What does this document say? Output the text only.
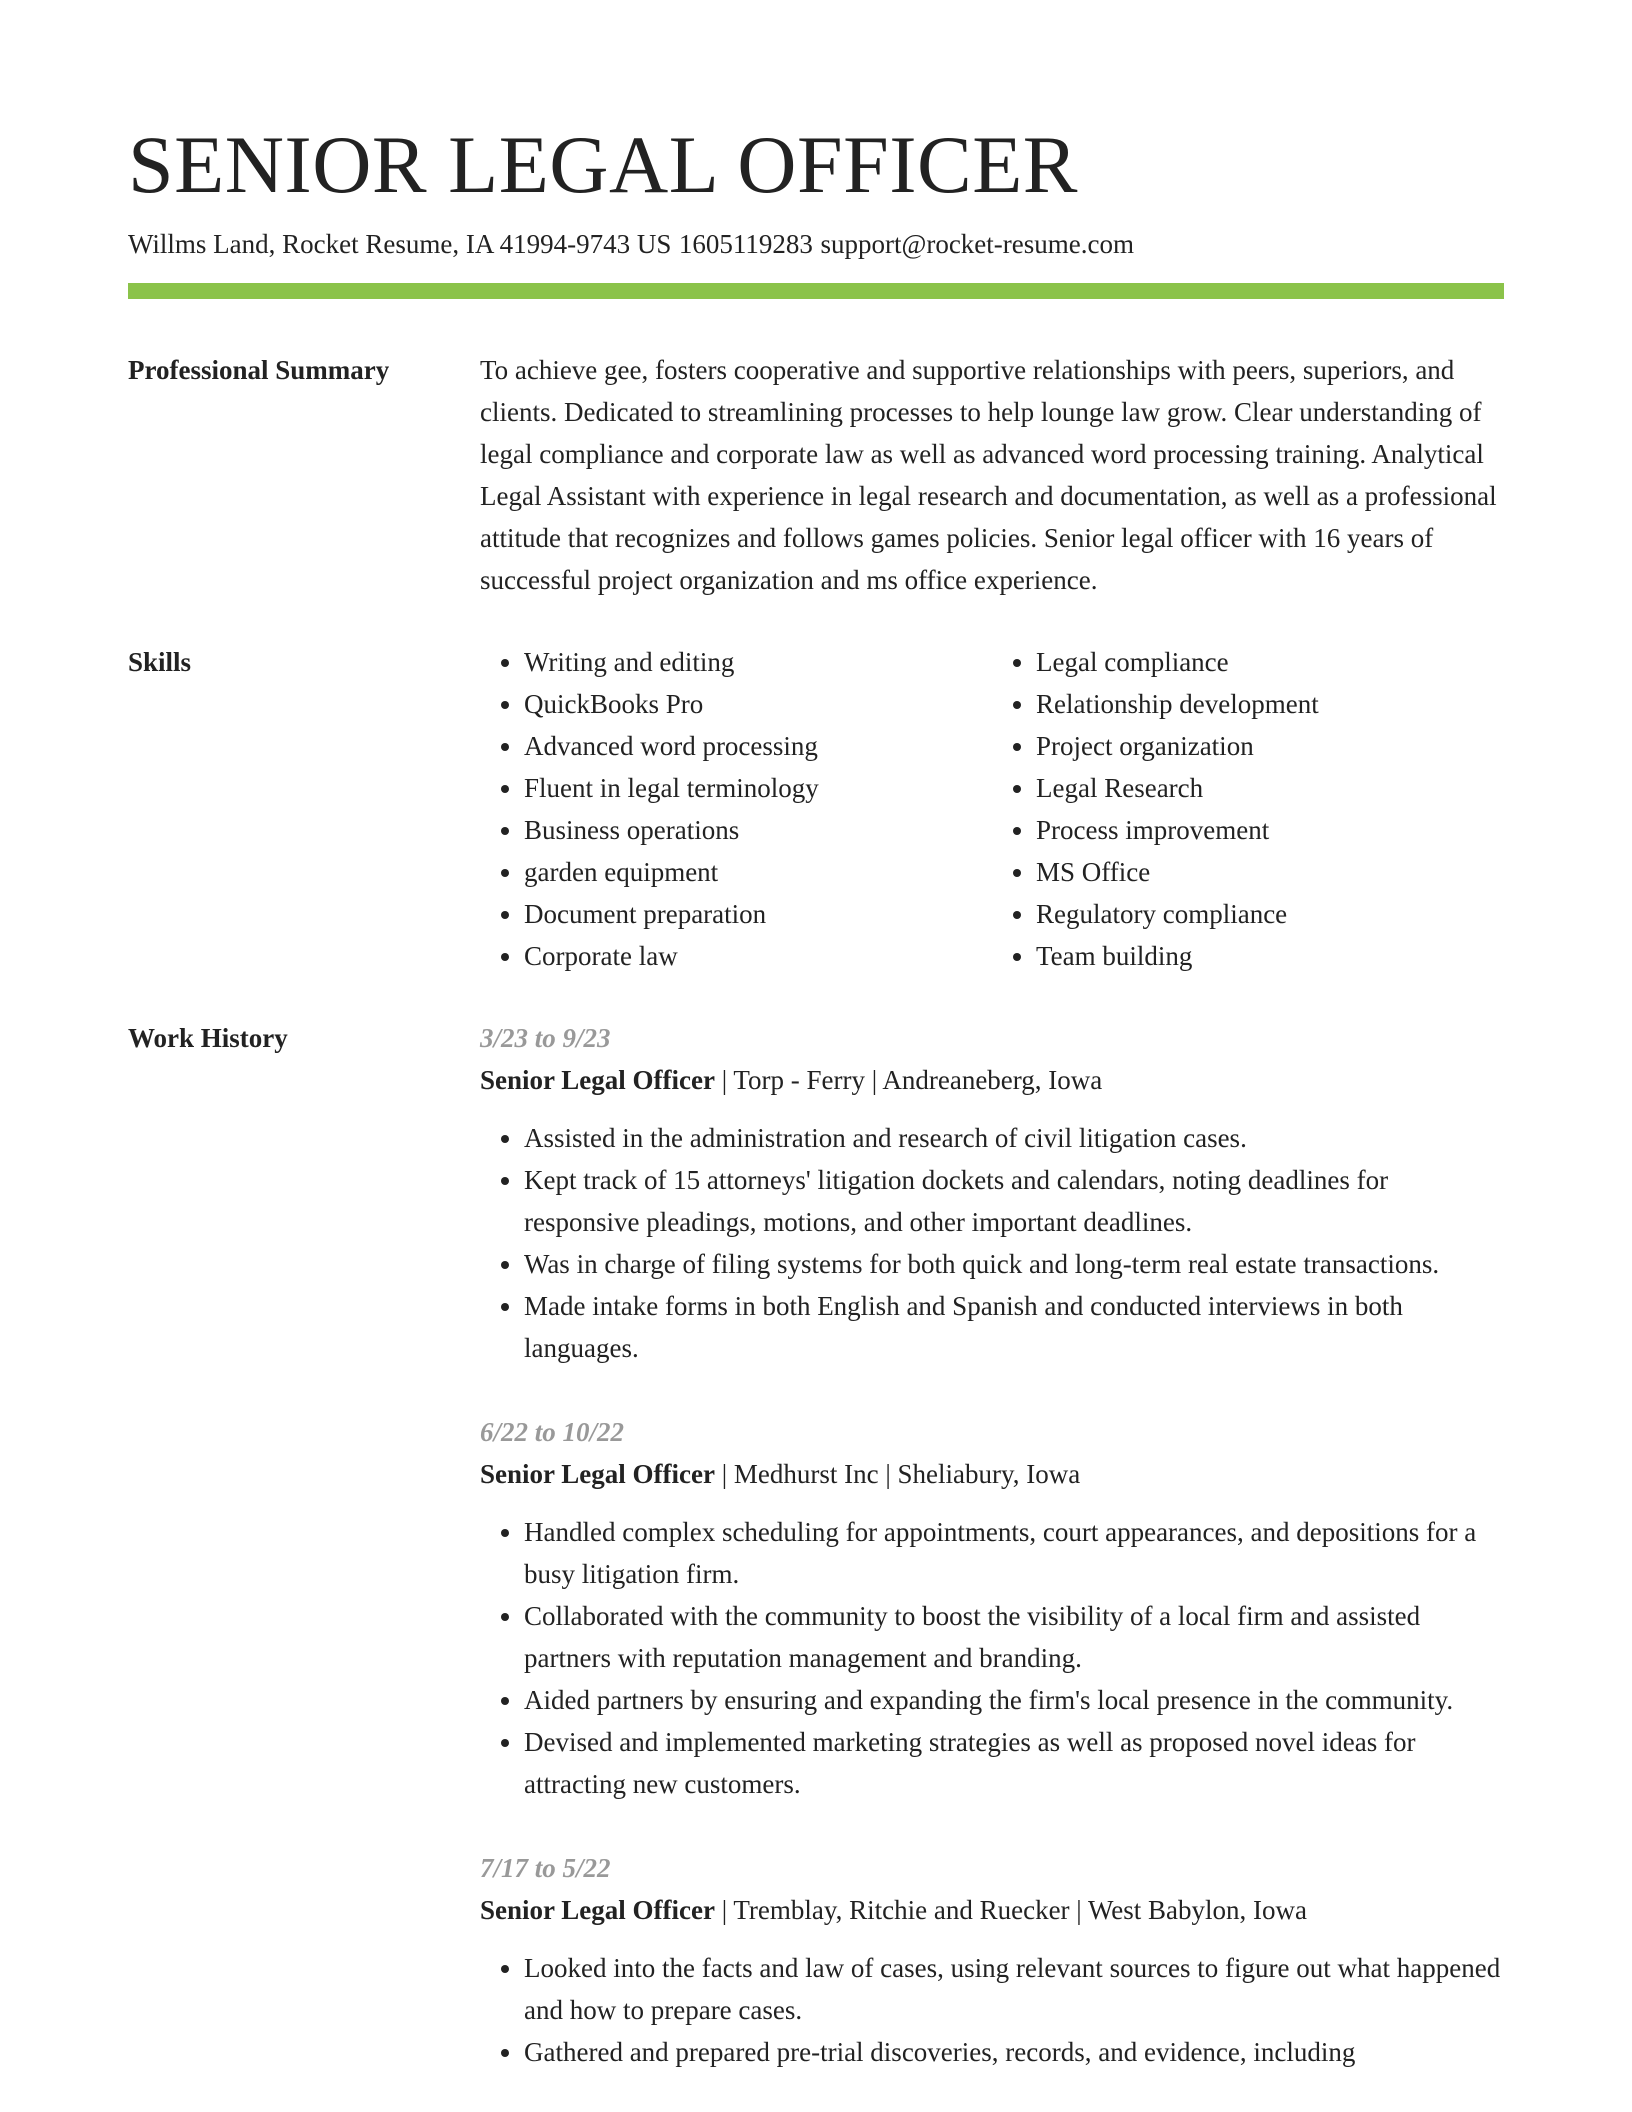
SENIOR LEGAL OFFICER
Willms Land, Rocket Resume, IA 41994-9743 US 1605119283 support@rocket-resume.com
Professional Summary	To achieve gee, fosters cooperative and supportive relationships with peers, superiors, and clients. Dedicated to streamlining processes to help lounge law grow. Clear understanding of legal compliance and corporate law as well as advanced word processing training. Analytical Legal Assistant with experience in legal research and documentation, as well as a professional attitude that recognizes and follows games policies. Senior legal officer with 16 years of successful project organization and ms office experience.

Skills
•	Writing and editing
• QuickBooks Pro
• Advanced word processing
• Fluent in legal terminology
• Business operations
• garden equipment
• Document preparation
• Corporate law
• Legal compliance
• Relationship development
• Project organization
• Legal Research
• Process improvement
• MS Office
• Regulatory compliance
• Team building
Work History	3/23 to 9/23
Senior Legal Officer | Torp - Ferry | Andreaneberg, Iowa
• Assisted in the administration and research of civil litigation cases.
• Kept track of 15 attorneys' litigation dockets and calendars, noting deadlines for responsive pleadings, motions, and other important deadlines.
• Was in charge of filing systems for both quick and long-term real estate transactions.
• Made intake forms in both English and Spanish and conducted interviews in both languages.
6/22 to 10/22
Senior Legal Officer | Medhurst Inc | Sheliabury, Iowa
• Handled complex scheduling for appointments, court appearances, and depositions for a busy litigation firm.
• Collaborated with the community to boost the visibility of a local firm and assisted partners with reputation management and branding.
• Aided partners by ensuring and expanding the firm's local presence in the community.
• Devised and implemented marketing strategies as well as proposed novel ideas for attracting new customers.
7/17 to 5/22
Senior Legal Officer | Tremblay, Ritchie and Ruecker | West Babylon, Iowa
• Looked into the facts and law of cases, using relevant sources to figure out what happened and how to prepare cases.
• Gathered and prepared pre-trial discoveries, records, and evidence, including
